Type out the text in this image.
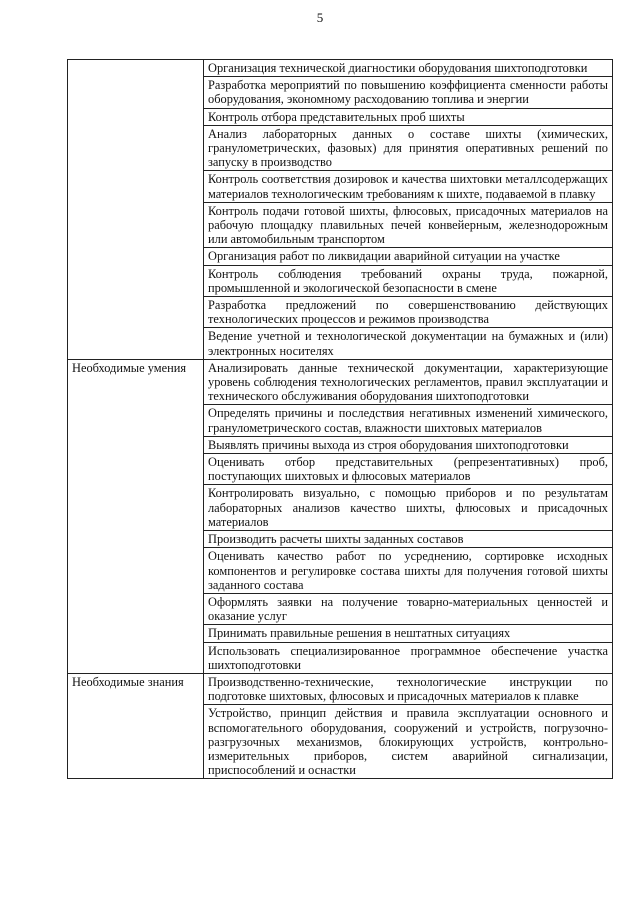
5

	Организация технической диагностики оборудования шихтоподготовки

	Разработка мероприятий по повышению коэффициента сменности работы оборудования, экономному расходованию топлива и энергии

	Контроль отбора представительных проб шихты

	Анализ лабораторных данных о составе шихты (химических, гранулометрических, фазовых) для принятия оперативных решений по запуску в производство

	Контроль соответствия дозировок и качества шихтовки металлсодержащих материалов технологическим требованиям к шихте, подаваемой в плавку

	Контроль подачи готовой шихты, флюсовых, присадочных материалов на рабочую площадку плавильных печей конвейерным, железнодорожным или автомобильным транспортом

	Организация работ по ликвидации аварийной ситуации на участке

	Контроль соблюдения требований охраны труда, пожарной, промышленной и экологической безопасности в смене

	Разработка предложений по совершенствованию действующих технологических процессов и режимов производства

	Ведение учетной и технологической документации на бумажных и (или) электронных носителях

Необходимые умения	Анализировать данные технической документации, характеризующие уровень соблюдения технологических регламентов, правил эксплуатации и технического обслуживания оборудования шихтоподготовки

	Определять причины и последствия негативных изменений химического, гранулометрического состав, влажности шихтовых материалов

	Выявлять причины выхода из строя оборудования шихтоподготовки

	Оценивать отбор представительных (репрезентативных) проб, поступающих шихтовых и флюсовых материалов

	Контролировать визуально, с помощью приборов и по результатам лабораторных анализов качество шихты, флюсовых и присадочных материалов

	Производить расчеты шихты заданных составов

	Оценивать качество работ по усреднению, сортировке исходных компонентов и регулировке состава шихты для получения готовой шихты заданного состава

	Оформлять заявки на получение товарно-материальных ценностей и оказание услуг

	Принимать правильные решения в нештатных ситуациях

	Использовать специализированное программное обеспечение участка шихтоподготовки

Необходимые знания	Производственно-технические, технологические инструкции по подготовке шихтовых, флюсовых и присадочных материалов к плавке

	Устройство, принцип действия и правила эксплуатации основного и вспомогательного оборудования, сооружений и устройств, погрузочно-разгрузочных механизмов, блокирующих устройств, контрольно-измерительных приборов, систем аварийной сигнализации, приспособлений и оснастки
